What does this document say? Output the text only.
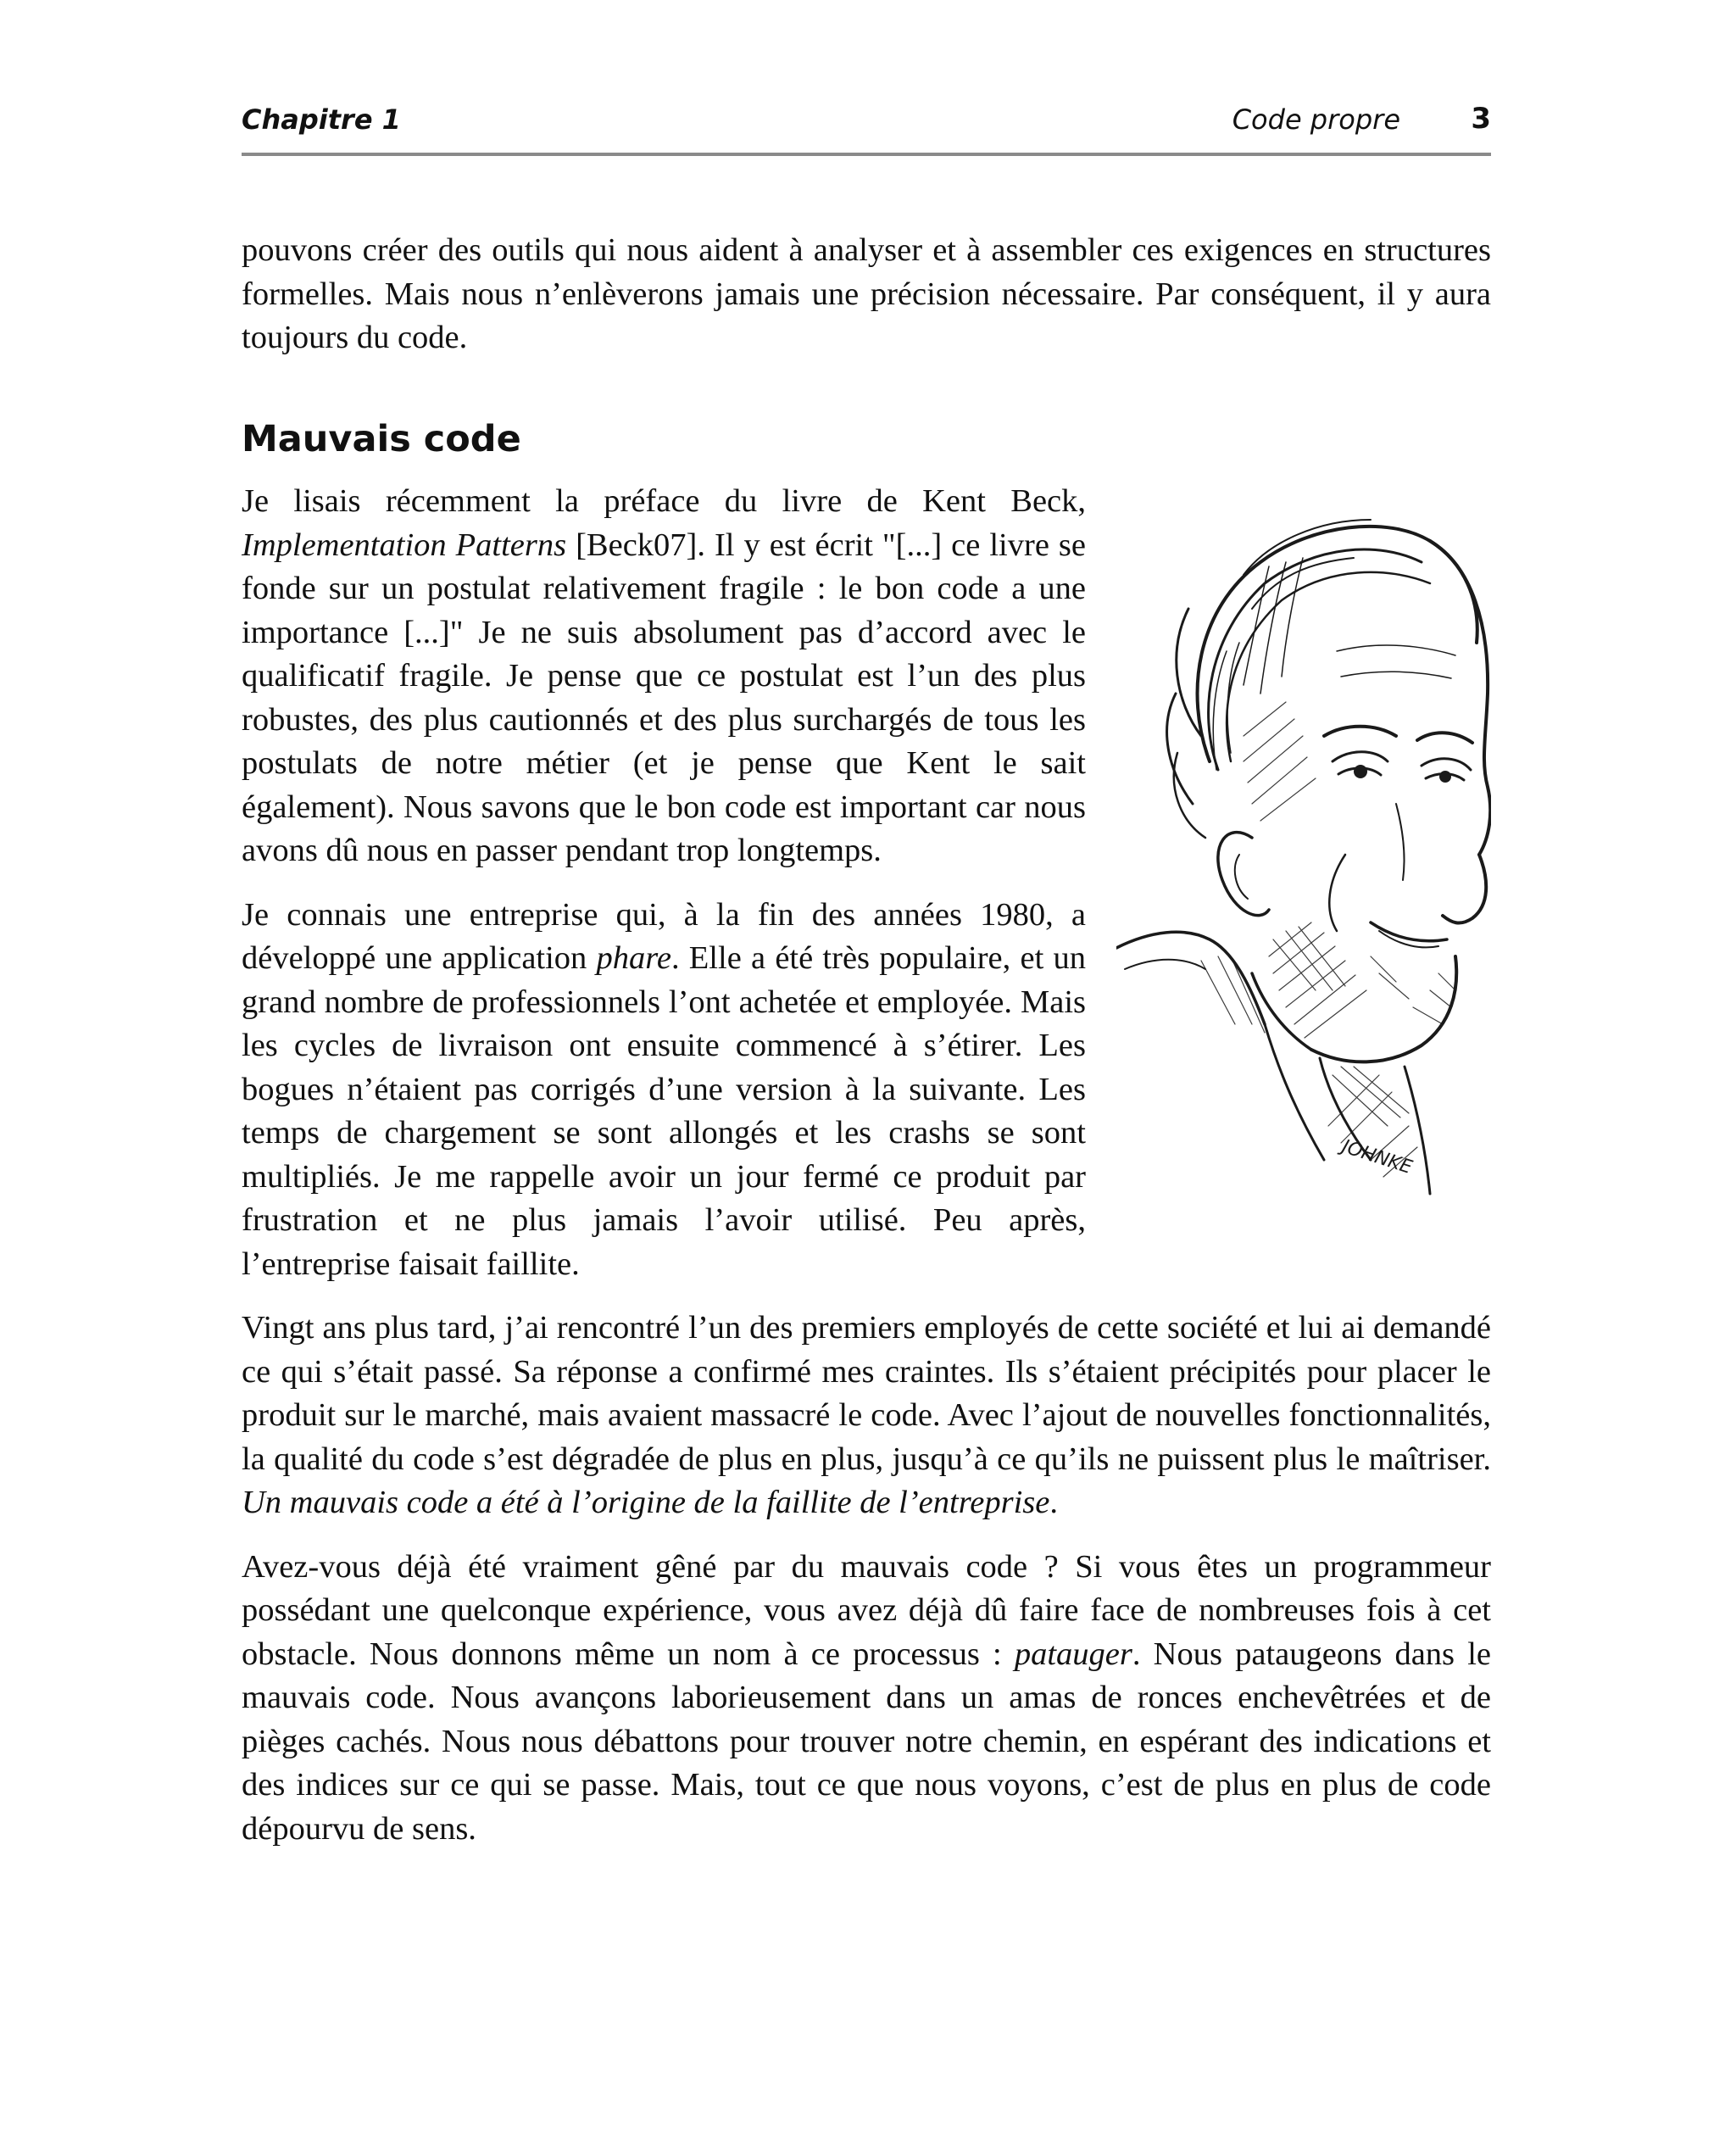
Chapitre 1	Code propre 3

pouvons créer des outils qui nous aident à analyser et à assembler ces exigences en structures formelles. Mais nous n’enlèverons jamais une précision nécessaire. Par conséquent, il y aura toujours du code.

Mauvais code
JOHNKE

Je lisais récemment la préface du livre de Kent Beck, Implementation Patterns [Beck07]. Il y est écrit "[...] ce livre se fonde sur un postulat relativement fragile : le bon code a une importance [...]" Je ne suis absolument pas d’accord avec le qualificatif fragile. Je pense que ce postulat est l’un des plus robustes, des plus cautionnés et des plus surchargés de tous les postulats de notre métier (et je pense que Kent le sait également). Nous savons que le bon code est important car nous avons dû nous en passer pendant trop longtemps.

Je connais une entreprise qui, à la fin des années 1980, a développé une application phare. Elle a été très populaire, et un grand nombre de professionnels l’ont achetée et employée. Mais les cycles de livraison ont ensuite commencé à s’étirer. Les bogues n’étaient pas corrigés d’une version à la suivante. Les temps de chargement se sont allongés et les crashs se sont multipliés. Je me rappelle avoir un jour fermé ce produit par frustration et ne plus jamais l’avoir utilisé. Peu après, l’entreprise faisait faillite.

Vingt ans plus tard, j’ai rencontré l’un des premiers employés de cette société et lui ai demandé ce qui s’était passé. Sa réponse a confirmé mes craintes. Ils s’étaient précipités pour placer le produit sur le marché, mais avaient massacré le code. Avec l’ajout de nouvelles fonctionnalités, la qualité du code s’est dégradée de plus en plus, jusqu’à ce qu’ils ne puissent plus le maîtriser. Un mauvais code a été à l’origine de la faillite de l’entreprise.

Avez-vous déjà été vraiment gêné par du mauvais code ? Si vous êtes un programmeur possédant une quelconque expérience, vous avez déjà dû faire face de nombreuses fois à cet obstacle. Nous donnons même un nom à ce processus : patauger. Nous pataugeons dans le mauvais code. Nous avançons laborieusement dans un amas de ronces enchevêtrées et de pièges cachés. Nous nous débattons pour trouver notre chemin, en espérant des indications et des indices sur ce qui se passe. Mais, tout ce que nous voyons, c’est de plus en plus de code dépourvu de sens.
